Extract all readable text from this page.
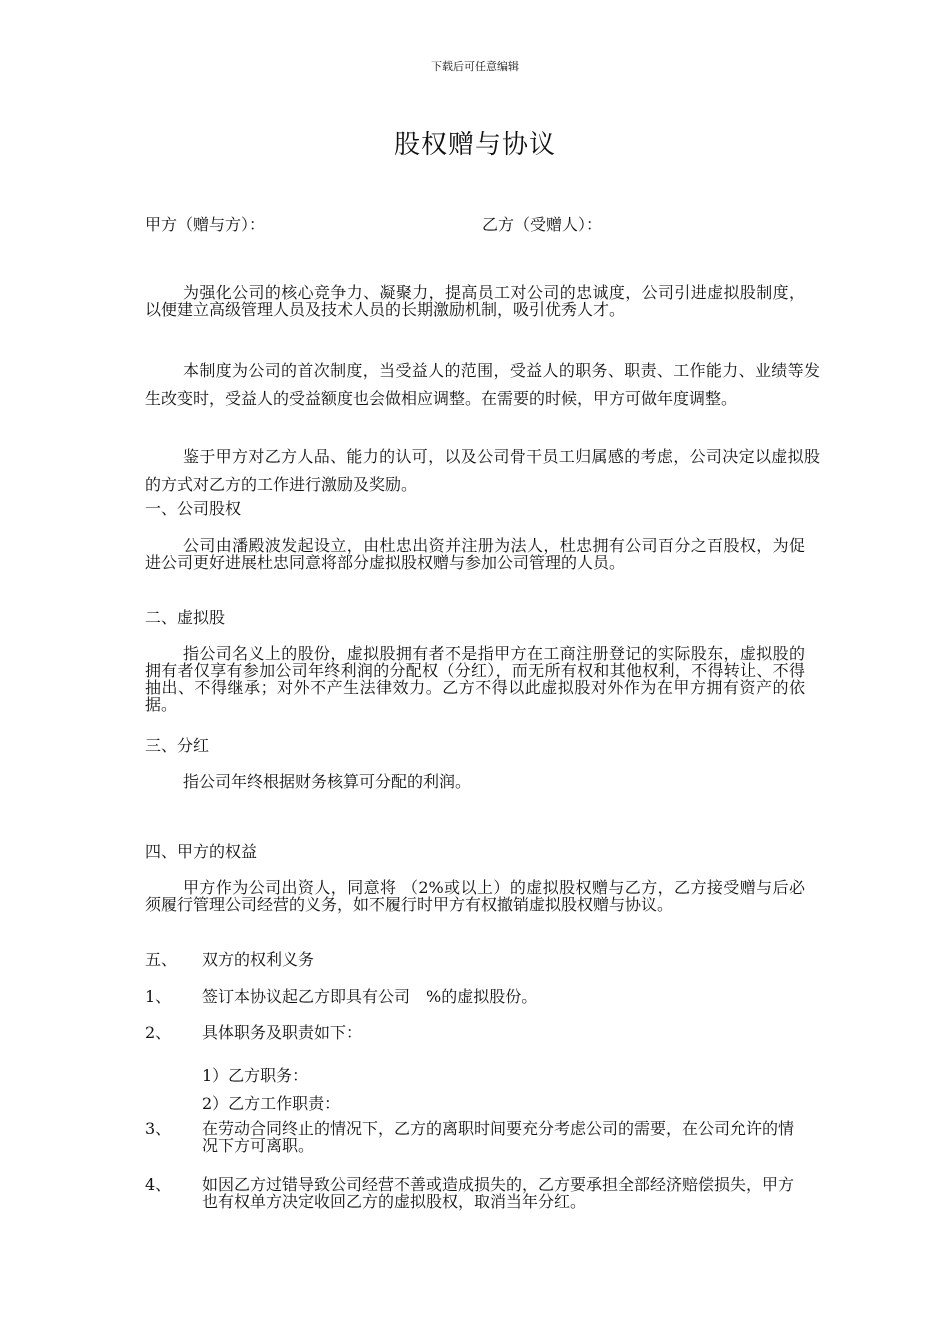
下载后可任意编辑
股权赠与协议
甲方（赠与方）：	乙方（受赠人）：
为强化公司的核心竞争力、凝聚力，提高员工对公司的忠诚度，公司引进虚拟股制度，以便建立高级管理人员及技术人员的长期激励机制，吸引优秀人才。
本制度为公司的首次制度，当受益人的范围，受益人的职务、职责、工作能力、业绩等发生改变时，受益人的受益额度也会做相应调整。在需要的时候，甲方可做年度调整。
鉴于甲方对乙方人品、能力的认可，以及公司骨干员工归属感的考虑，公司决定以虚拟股的方式对乙方的工作进行激励及奖励。
一、公司股权
公司由潘殿波发起设立，由杜忠出资并注册为法人，杜忠拥有公司百分之百股权，为促进公司更好进展杜忠同意将部分虚拟股权赠与参加公司管理的人员。
二、虚拟股
指公司名义上的股份，虚拟股拥有者不是指甲方在工商注册登记的实际股东，虚拟股的拥有者仅享有参加公司年终利润的分配权（分红），而无所有权和其他权利，不得转让、不得抽出、不得继承；对外不产生法律效力。乙方不得以此虚拟股对外作为在甲方拥有资产的依据。
三、分红
指公司年终根据财务核算可分配的利润。
四、甲方的权益
甲方作为公司出资人，同意将 （2%或以上）的虚拟股权赠与乙方，乙方接受赠与后必须履行管理公司经营的义务，如不履行时甲方有权撤销虚拟股权赠与协议。
五、 双方的权利义务
1、 签订本协议起乙方即具有公司　%的虚拟股份。
2、 具体职务及职责如下：
1）乙方职务：
2）乙方工作职责：
3、 在劳动合同终止的情况下，乙方的离职时间要充分考虑公司的需要，在公司允许的情况下方可离职。
4、 如因乙方过错导致公司经营不善或造成损失的，乙方要承担全部经济赔偿损失，甲方也有权单方决定收回乙方的虚拟股权，取消当年分红。
